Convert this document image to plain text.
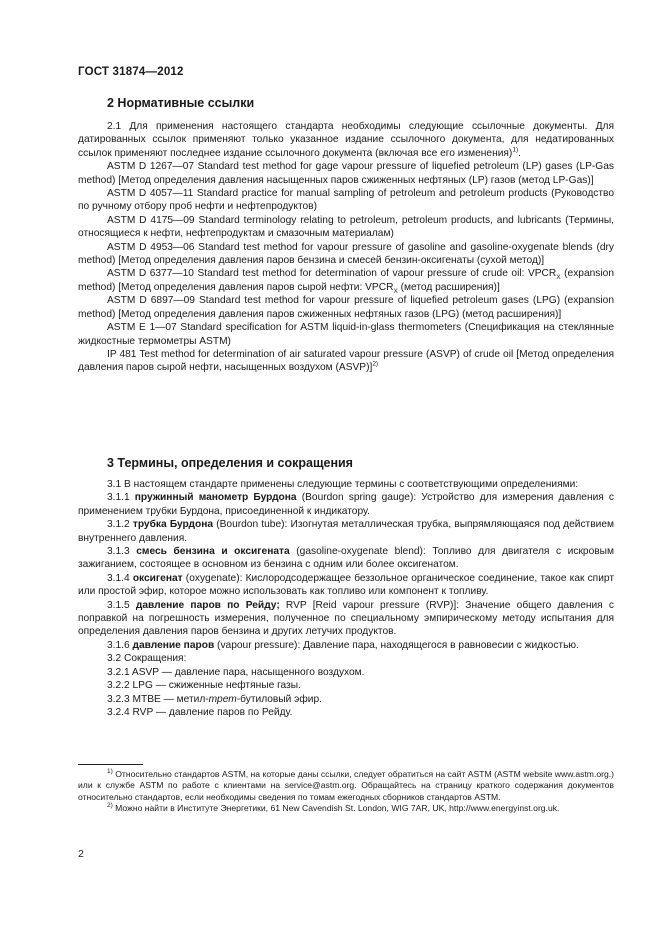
ГОСТ 31874—2012
2 Нормативные ссылки

2.1 Для применения настоящего стандарта необходимы следующие ссылочные документы. Для датированных ссылок применяют только указанное издание ссылочного документа, для недатированных ссылок применяют последнее издание ссылочного документа (включая все его изменения)$^{1)}$.

ASTM D 1267—07 Standard test method for gage vapour pressure of liquefied petroleum (LP) gases (LP-Gas method) [Метод определения давления насыщенных паров сжиженных нефтяных (LP) газов (метод LP-Gas)]

ASTM D 4057—11 Standard practice for manual sampling of petroleum and petroleum products (Руководство по ручному отбору проб нефти и нефтепродуктов)

ASTM D 4175—09 Standard terminology relating to petroleum, petroleum products, and lubricants (Термины, относящиеся к нефти, нефтепродуктам и смазочным материалам)

ASTM D 4953—06 Standard test method for vapour pressure of gasoline and gasoline-oxygenate blends (dry method) [Метод определения давления паров бензина и смесей бензин-оксигенаты (сухой метод)]

ASTM D 6377—10 Standard test method for determination of vapour pressure of crude oil: $VPCR_X$ (expansion method) [Метод определения давления паров сырой нефти: $VPCR_X$ (метод расширения)]

ASTM D 6897—09 Standard test method for vapour pressure of liquefied petroleum gases (LPG) (expansion method) [Метод определения давления паров сжиженных нефтяных газов (LPG) (метод расширения)]

ASTM E 1—07 Standard specification for ASTM liquid-in-glass thermometers (Спецификация на стеклянные жидкостные термометры ASTM)

IP 481 Test method for determination of air saturated vapour pressure (ASVP) of crude oil [Метод определения давления паров сырой нефти, насыщенных воздухом (ASVP)]$^{2)}$

3 Термины, определения и сокращения

3.1 В настоящем стандарте применены следующие термины с соответствующими определениями:

3.1.1 пружинный манометр Бурдона (Bourdon spring gauge): Устройство для измерения давления с применением трубки Бурдона, присоединенной к индикатору.

3.1.2 трубка Бурдона (Bourdon tube): Изогнутая металлическая трубка, выпрямляющаяся под действием внутреннего давления.

3.1.3 смесь бензина и оксигената (gasoline-oxygenate blend): Топливо для двигателя с искровым зажиганием, состоящее в основном из бензина с одним или более оксигенатом.

3.1.4 оксигенат (oxygenate): Кислородсодержащее беззольное органическое соединение, такое как спирт или простой эфир, которое можно использовать как топливо или компонент к топливу.

3.1.5 давление паров по Рейду; RVP [Reid vapour pressure (RVP)]: Значение общего давления с поправкой на погрешность измерения, полученное по специальному эмпирическому методу испытания для определения давления паров бензина и других летучих продуктов.

3.1.6 давление паров (vapour pressure): Давление пара, находящегося в равновесии с жидкостью.

3.2 Сокращения:

3.2.1 ASVP — давление пара, насыщенного воздухом.

3.2.2 LPG — сжиженные нефтяные газы.

3.2.3 МТВЕ — метил-трет-бутиловый эфир.

3.2.4 RVP — давление паров по Рейду.

$^{1)}$ Относительно стандартов ASTM, на которые даны ссылки, следует обратиться на сайт ASTM (ASTM website www.astm.org.) или к службе ASTM по работе с клиентами на service@astm.org. Обращайтесь на страницу краткого содержания документов относительно стандартов, если необходимы сведения по томам ежегодных сборников стандартов ASTM.

$^{2)}$ Можно найти в Институте Энергетики, 61 New Cavendish St. London, WIG 7AR, UK, http://www.energyinst.org.uk.

2
